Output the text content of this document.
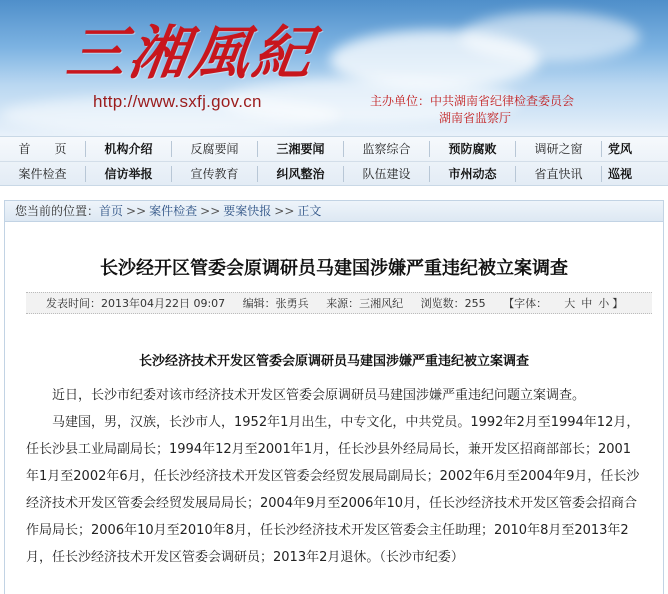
三湘風紀
http://www.sxfj.gov.cn	主办单位：中共湖南省纪律检查委员会
湖南省监察厅
首　　页	机构介绍	反腐要闻	三湘要闻	监察综合	预防腐败	调研之窗	党风
案件检查	信访举报	宣传教育	纠风整治	队伍建设	市州动态	省直快讯	巡视
您当前的位置：首页 >> 案件检查 >> 要案快报 >> 正文
长沙经开区管委会原调研员马建国涉嫌严重违纪被立案调查
发表时间：2013年04月22日 09:07 编辑：张勇兵 来源：三湘风纪 浏览数：255 【字体： 大 中 小 】
长沙经济技术开发区管委会原调研员马建国涉嫌严重违纪被立案调查

近日，长沙市纪委对该市经济技术开发区管委会原调研员马建国涉嫌严重违纪问题立案调查。

马建国，男，汉族，长沙市人，1952年1月出生，中专文化，中共党员。1992年2月至1994年12月，任长沙县工业局副局长；1994年12月至2001年1月，任长沙县外经局局长，兼开发区招商部部长；2001年1月至2002年6月，任长沙经济技术开发区管委会经贸发展局副局长；2002年6月至2004年9月，任长沙经济技术开发区管委会经贸发展局局长；2004年9月至2006年10月，任长沙经济技术开发区管委会招商合作局局长；2006年10月至2010年8月，任长沙经济技术开发区管委会主任助理；2010年8月至2013年2月，任长沙经济技术开发区管委会调研员；2013年2月退休。（长沙市纪委）
